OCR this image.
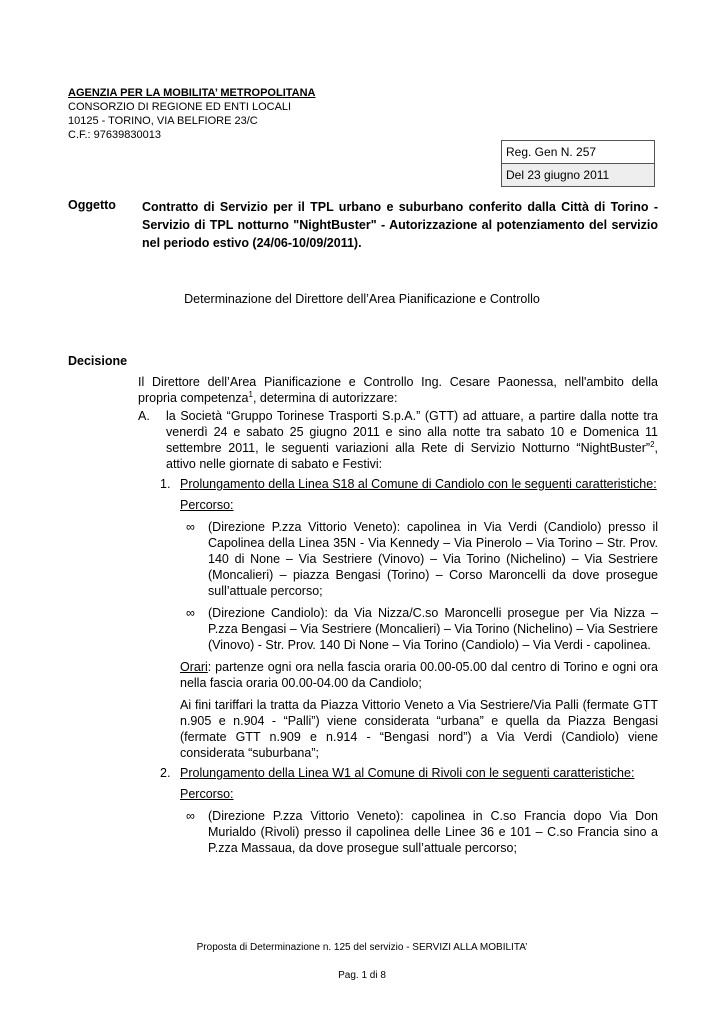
AGENZIA PER LA MOBILITA’ METROPOLITANA
CONSORZIO DI REGIONE ED ENTI LOCALI
10125 - TORINO, VIA BELFIORE 23/C
C.F.: 97639830013
Reg. Gen N. 257
Del 23 giugno 2011
Oggetto Contratto di Servizio per il TPL urbano e suburbano conferito dalla Città di Torino - Servizio di TPL notturno "NightBuster" - Autorizzazione al potenziamento del servizio nel periodo estivo (24/06-10/09/2011).
Determinazione del Direttore dell’Area Pianificazione e Controllo
Decisione

Il Direttore dell’Area Pianificazione e Controllo Ing. Cesare Paonessa, nell'ambito della propria competenza$^1$, determina di autorizzare:

A.	la Società “Gruppo Torinese Trasporti S.p.A.” (GTT) ad attuare, a partire dalla notte tra venerdì 24 e sabato 25 giugno 2011 e sino alla notte tra sabato 10 e Domenica 11 settembre 2011, le seguenti variazioni alla Rete di Servizio Notturno “NightBuster”$^2$, attivo nelle giornate di sabato e Festivi:
1. Prolungamento della Linea S18 al Comune di Candiolo con le seguenti caratteristiche:

Percorso:

∞	(Direzione P.zza Vittorio Veneto): capolinea in Via Verdi (Candiolo) presso il Capolinea della Linea 35N - Via Kennedy – Via Pinerolo – Via Torino – Str. Prov. 140 di None – Via Sestriere (Vinovo) – Via Torino (Nichelino) – Via Sestriere (Moncalieri) – piazza Bengasi (Torino) – Corso Maroncelli da dove prosegue sull’attuale percorso;
∞	(Direzione Candiolo): da Via Nizza/C.so Maroncelli prosegue per Via Nizza – P.zza Bengasi – Via Sestriere (Moncalieri) – Via Torino (Nichelino) – Via Sestriere (Vinovo) - Str. Prov. 140 Di None – Via Torino (Candiolo) – Via Verdi - capolinea.

Orari: partenze ogni ora nella fascia oraria 00.00-05.00 dal centro di Torino e ogni ora nella fascia oraria 00.00-04.00 da Candiolo;

Ai fini tariffari la tratta da Piazza Vittorio Veneto a Via Sestriere/Via Palli (fermate GTT n.905 e n.904 - “Palli”) viene considerata “urbana” e quella da Piazza Bengasi (fermate GTT n.909 e n.914 - “Bengasi nord”) a Via Verdi (Candiolo) viene considerata “suburbana”;

2. Prolungamento della Linea W1 al Comune di Rivoli con le seguenti caratteristiche:

Percorso:

∞	(Direzione P.zza Vittorio Veneto): capolinea in C.so Francia dopo Via Don Murialdo (Rivoli) presso il capolinea delle Linee 36 e 101 – C.so Francia sino a P.zza Massaua, da dove prosegue sull’attuale percorso;
Proposta di Determinazione n. 125 del servizio - SERVIZI ALLA MOBILITA’
Pag. 1 di 8
